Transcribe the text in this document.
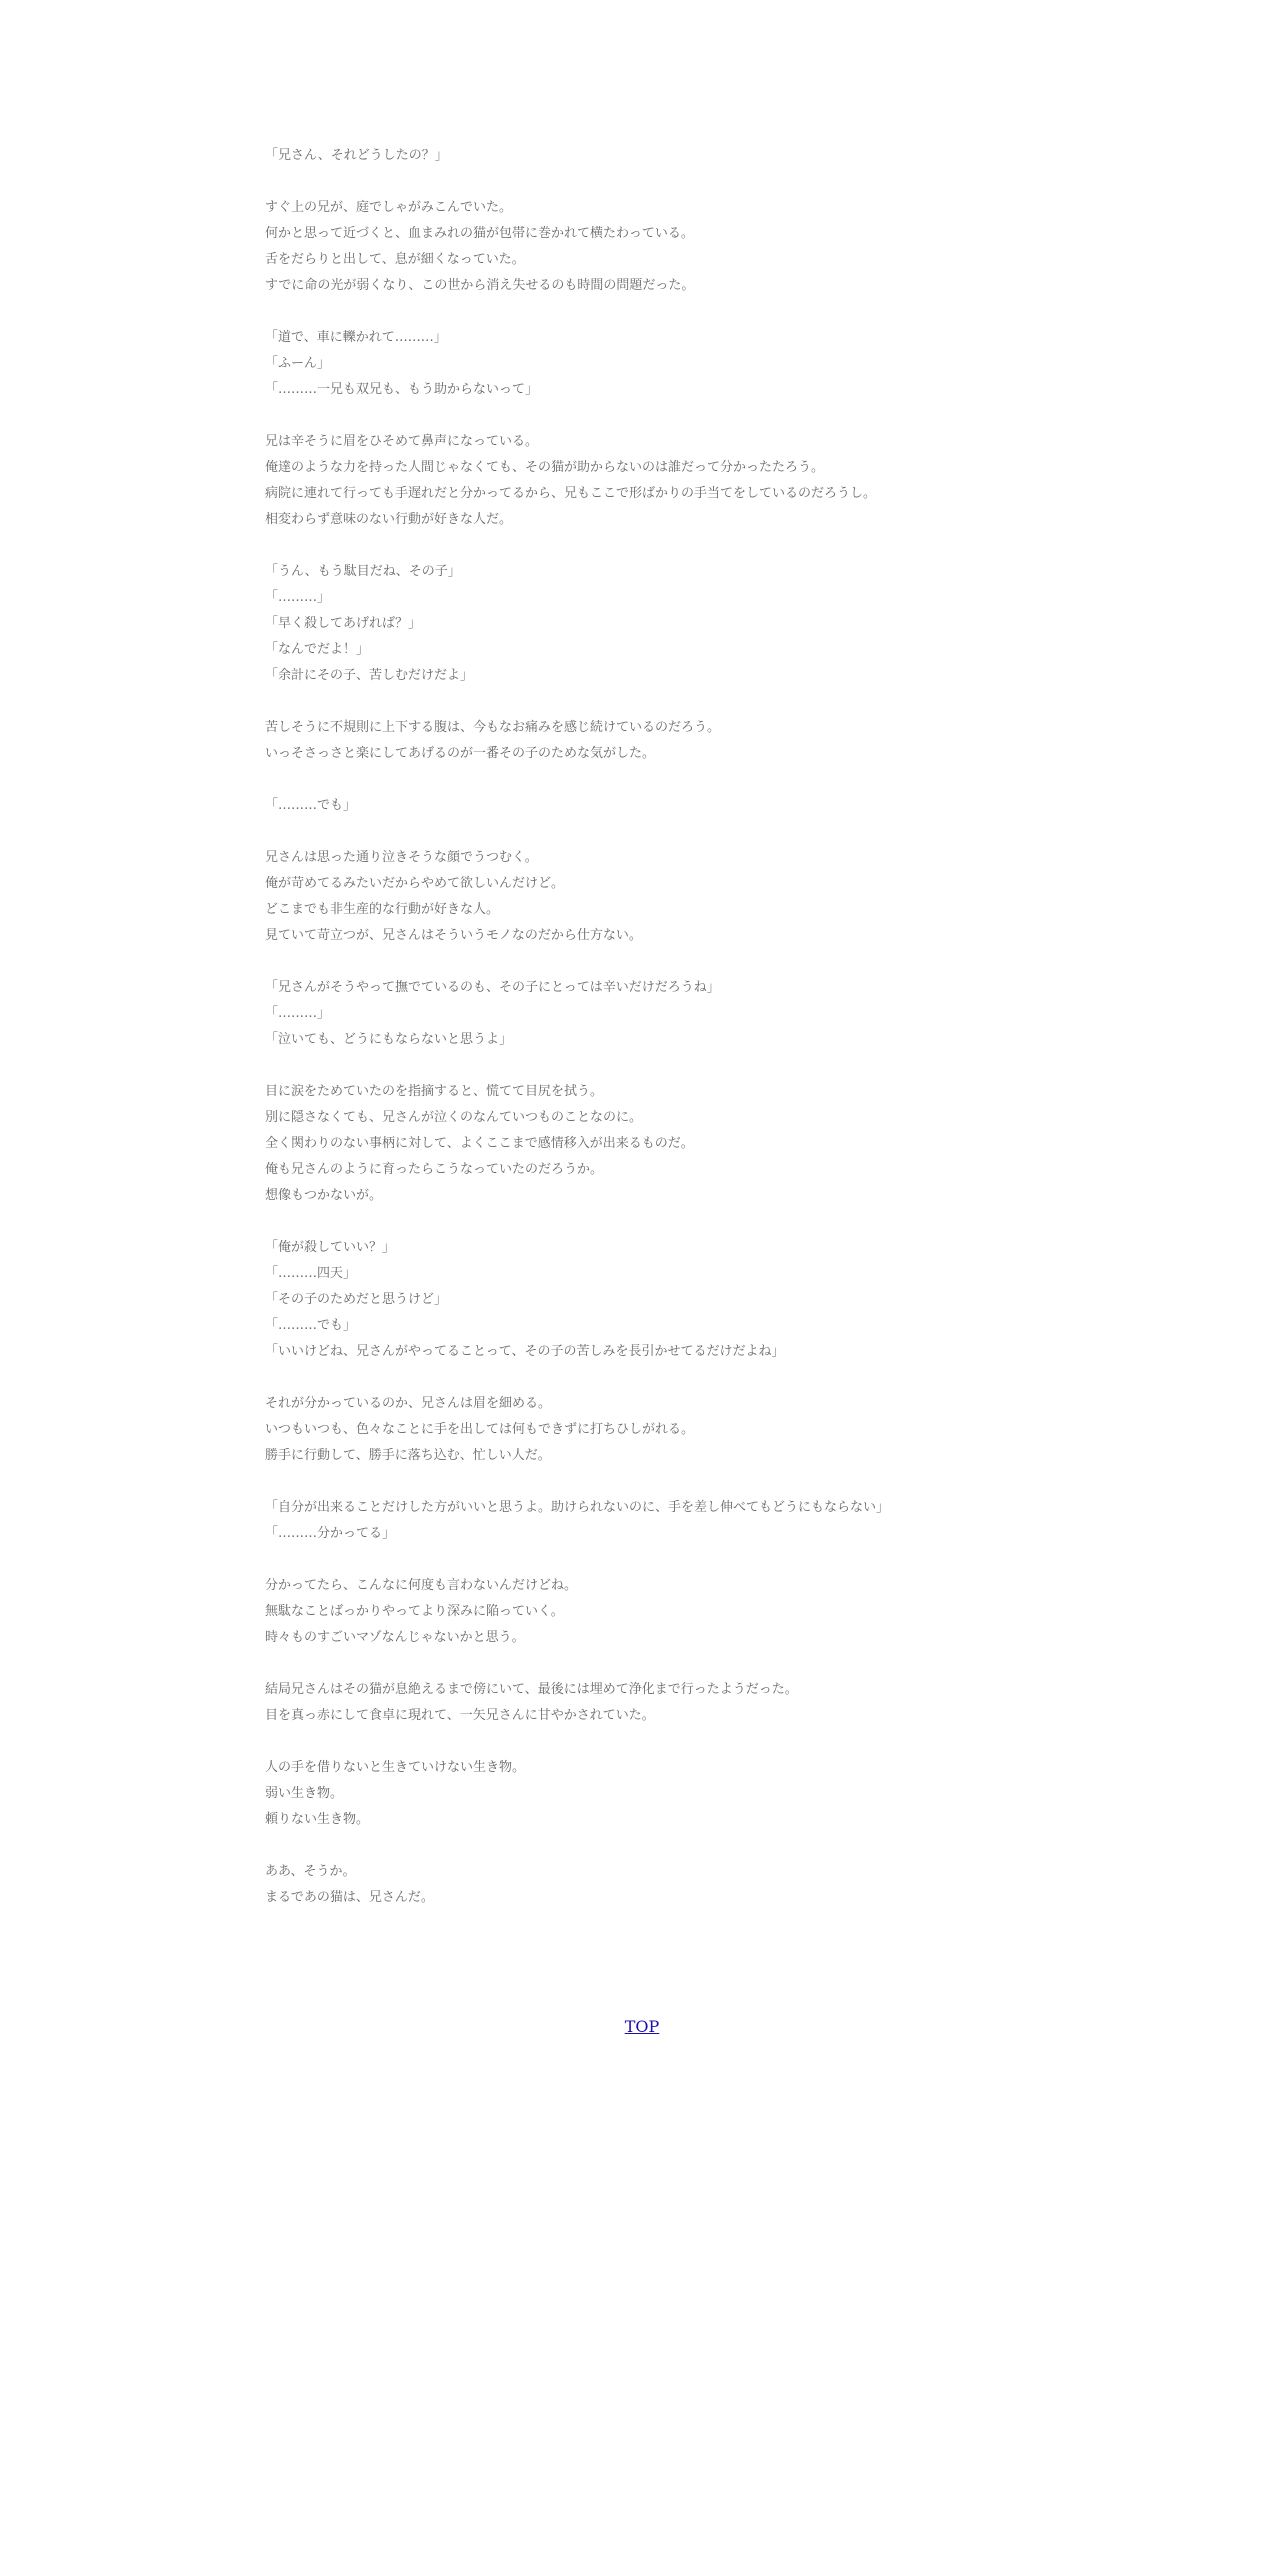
「兄さん、それどうしたの？」
すぐ上の兄が、庭でしゃがみこんでいた。
何かと思って近づくと、血まみれの猫が包帯に巻かれて横たわっている。
舌をだらりと出して、息が細くなっていた。
すでに命の光が弱くなり、この世から消え失せるのも時間の問題だった。
「道で、車に轢かれて………」
「ふーん」
「………一兄も双兄も、もう助からないって」
兄は辛そうに眉をひそめて鼻声になっている。
俺達のような力を持った人間じゃなくても、その猫が助からないのは誰だって分かったたろう。
病院に連れて行っても手遅れだと分かってるから、兄もここで形ばかりの手当てをしているのだろうし。
相変わらず意味のない行動が好きな人だ。
「うん、もう駄目だね、その子」
「………」
「早く殺してあげれば？」
「なんでだよ！」
「余計にその子、苦しむだけだよ」
苦しそうに不規則に上下する腹は、今もなお痛みを感じ続けているのだろう。
いっそさっさと楽にしてあげるのが一番その子のためな気がした。
「………でも」
兄さんは思った通り泣きそうな顔でうつむく。
俺が苛めてるみたいだからやめて欲しいんだけど。
どこまでも非生産的な行動が好きな人。
見ていて苛立つが、兄さんはそういうモノなのだから仕方ない。
「兄さんがそうやって撫でているのも、その子にとっては辛いだけだろうね」
「………」
「泣いても、どうにもならないと思うよ」
目に涙をためていたのを指摘すると、慌てて目尻を拭う。
別に隠さなくても、兄さんが泣くのなんていつものことなのに。
全く関わりのない事柄に対して、よくここまで感情移入が出来るものだ。
俺も兄さんのように育ったらこうなっていたのだろうか。
想像もつかないが。
「俺が殺していい？」
「………四天」
「その子のためだと思うけど」
「………でも」
「いいけどね、兄さんがやってることって、その子の苦しみを長引かせてるだけだよね」
それが分かっているのか、兄さんは眉を細める。
いつもいつも、色々なことに手を出しては何もできずに打ちひしがれる。
勝手に行動して、勝手に落ち込む、忙しい人だ。
「自分が出来ることだけした方がいいと思うよ。助けられないのに、手を差し伸べてもどうにもならない」
「………分かってる」
分かってたら、こんなに何度も言わないんだけどね。
無駄なことばっかりやってより深みに陥っていく。
時々ものすごいマゾなんじゃないかと思う。
結局兄さんはその猫が息絶えるまで傍にいて、最後には埋めて浄化まで行ったようだった。
目を真っ赤にして食卓に現れて、一矢兄さんに甘やかされていた。
人の手を借りないと生きていけない生き物。
弱い生き物。
頼りない生き物。
ああ、そうか。
まるであの猫は、兄さんだ。
TOP
